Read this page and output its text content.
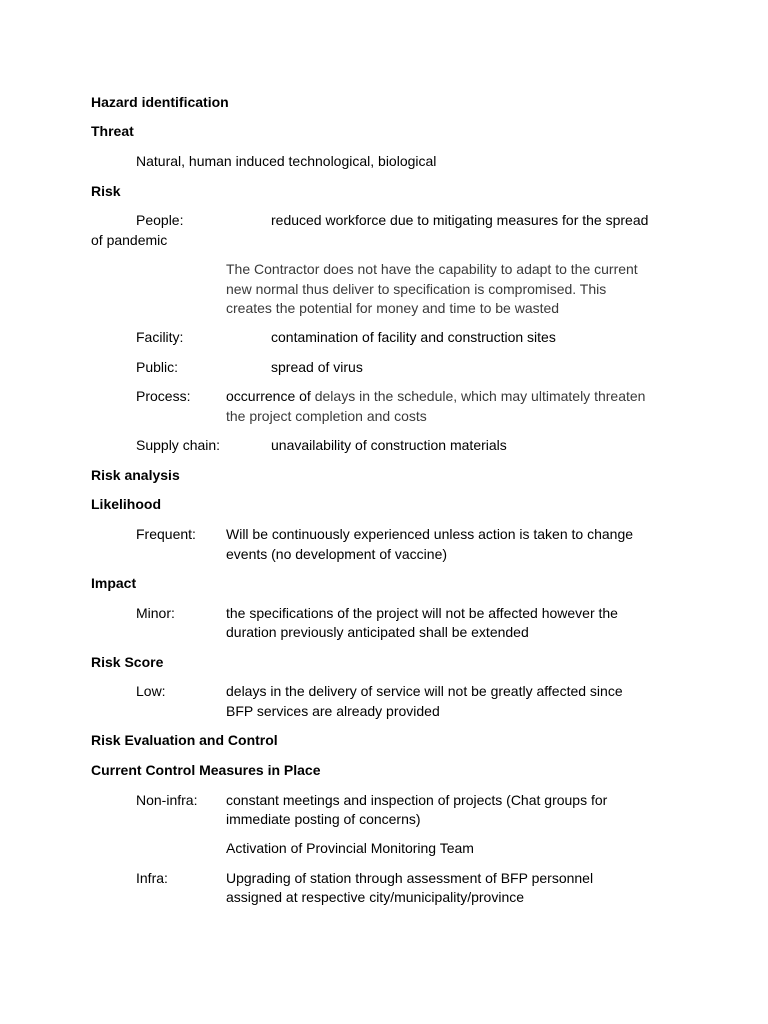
Hazard identification
Threat
Natural, human induced technological, biological
Risk
People:	reduced workforce due to mitigating measures for the spread
of pandemic
The Contractor does not have the capability to adapt to the current
new normal thus deliver to specification is compromised. This
creates the potential for money and time to be wasted
Facility:	contamination of facility and construction sites
Public:	spread of virus
Process:	occurrence of delays in the schedule, which may ultimately threaten
the project completion and costs
Supply chain:	unavailability of construction materials
Risk analysis
Likelihood
Frequent: Will be continuously experienced unless action is taken to change
events (no development of vaccine)
Impact
Minor:	the specifications of the project will not be affected however the
duration previously anticipated shall be extended
Risk Score
Low:	delays in the delivery of service will not be greatly affected since
BFP services are already provided
Risk Evaluation and Control
Current Control Measures in Place
Non-infra: constant meetings and inspection of projects (Chat groups for
immediate posting of concerns)
Activation of Provincial Monitoring Team
Infra:	Upgrading of station through assessment of BFP personnel
assigned at respective city/municipality/province
